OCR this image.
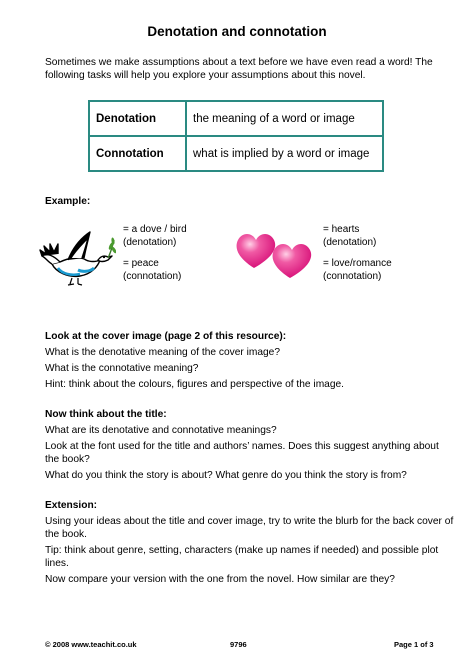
Denotation and connotation
Sometimes we make assumptions about a text before we have even read a word! The
following tasks will help you explore your assumptions about this novel.
Denotation	the meaning of a word or image
Connotation	what is implied by a word or image
Example:
= a dove / bird
(denotation)
= peace
(connotation)
= hearts
(denotation)
= love/romance
(connotation)
Look at the cover image (page 2 of this resource):
What is the denotative meaning of the cover image?
What is the connotative meaning?
Hint: think about the colours, figures and perspective of the image.
Now think about the title:
What are its denotative and connotative meanings?
Look at the font used for the title and authors’ names. Does this suggest anything about
the book?
What do you think the story is about? What genre do you think the story is from?
Extension:
Using your ideas about the title and cover image, try to write the blurb for the back cover of
the book.
Tip: think about genre, setting, characters (make up names if needed) and possible plot
lines.
Now compare your version with the one from the novel. How similar are they?
© 2008 www.teachit.co.uk	9796	Page 1 of 3
